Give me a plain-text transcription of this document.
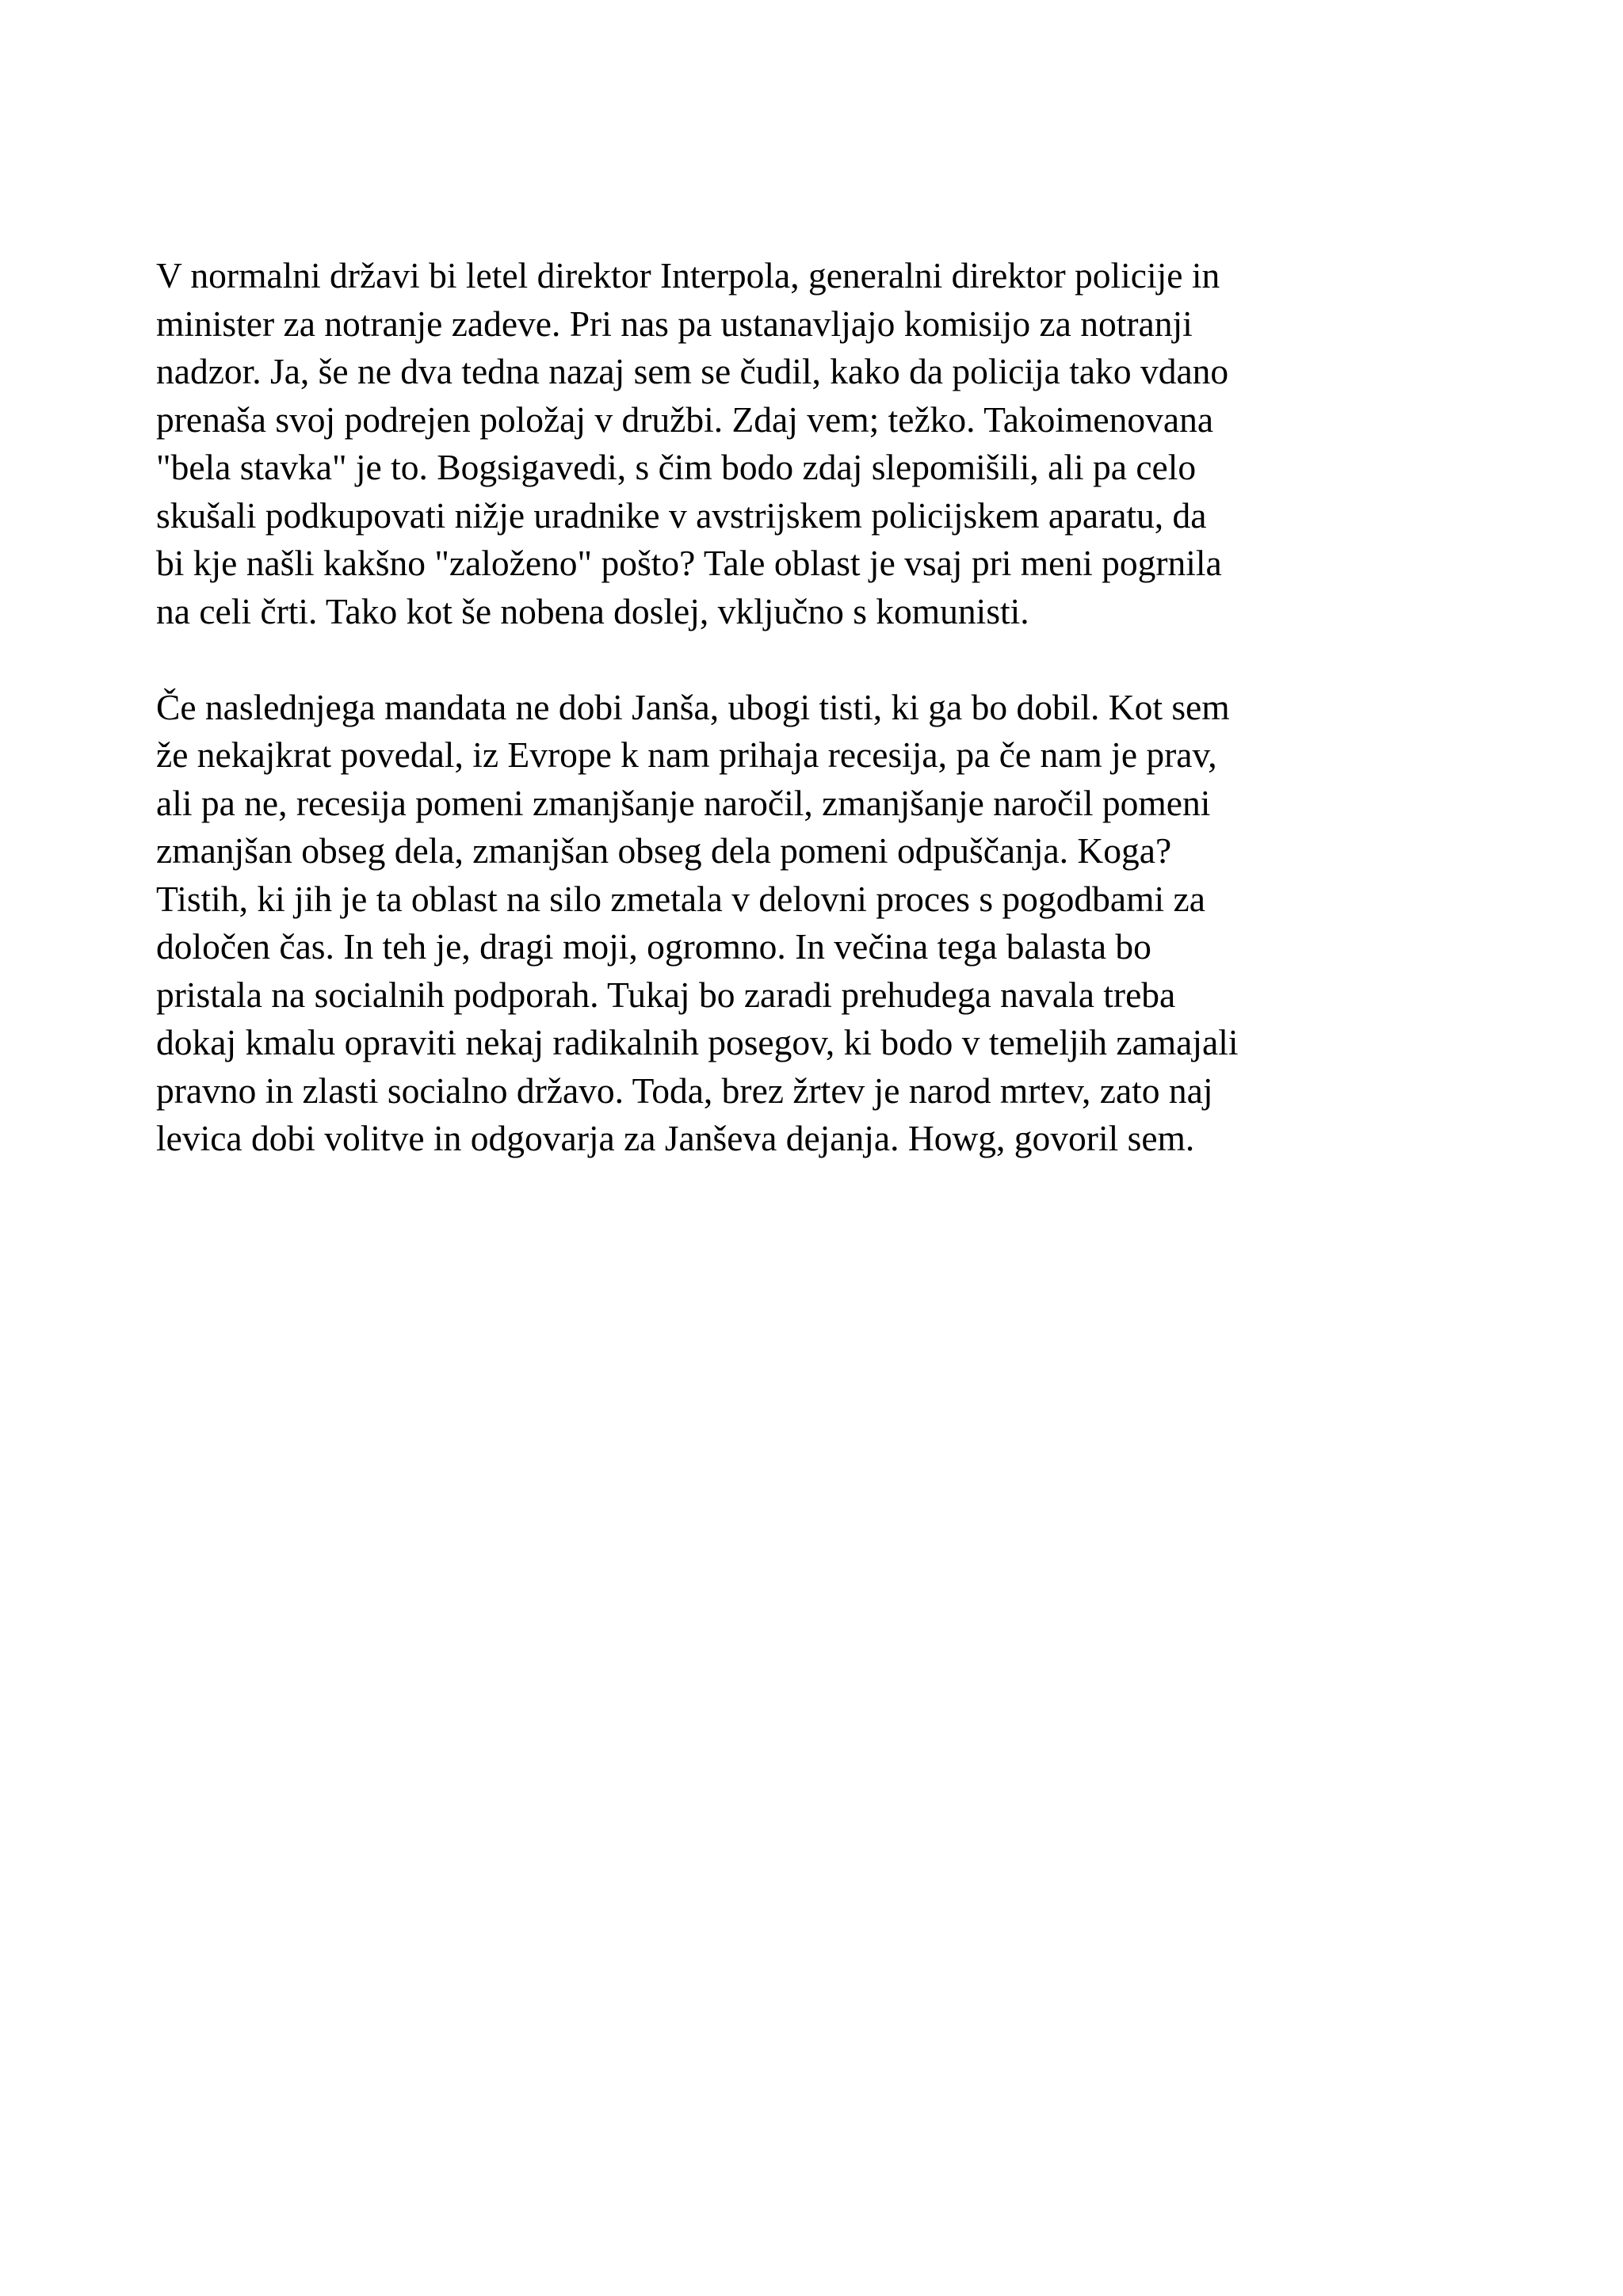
V normalni državi bi letel direktor Interpola, generalni direktor policije in
minister za notranje zadeve. Pri nas pa ustanavljajo komisijo za notranji
nadzor. Ja, še ne dva tedna nazaj sem se čudil, kako da policija tako vdano
prenaša svoj podrejen položaj v družbi. Zdaj vem; težko. Takoimenovana
"bela stavka" je to. Bogsigavedi, s čim bodo zdaj slepomišili, ali pa celo
skušali podkupovati nižje uradnike v avstrijskem policijskem aparatu, da
bi kje našli kakšno "založeno" pošto? Tale oblast je vsaj pri meni pogrnila
na celi črti. Tako kot še nobena doslej, vključno s komunisti.
Če naslednjega mandata ne dobi Janša, ubogi tisti, ki ga bo dobil. Kot sem
že nekajkrat povedal, iz Evrope k nam prihaja recesija, pa če nam je prav,
ali pa ne, recesija pomeni zmanjšanje naročil, zmanjšanje naročil pomeni
zmanjšan obseg dela, zmanjšan obseg dela pomeni odpuščanja. Koga?
Tistih, ki jih je ta oblast na silo zmetala v delovni proces s pogodbami za
določen čas. In teh je, dragi moji, ogromno. In večina tega balasta bo
pristala na socialnih podporah. Tukaj bo zaradi prehudega navala treba
dokaj kmalu opraviti nekaj radikalnih posegov, ki bodo v temeljih zamajali
pravno in zlasti socialno državo. Toda, brez žrtev je narod mrtev, zato naj
levica dobi volitve in odgovarja za Janševa dejanja. Howg, govoril sem.
